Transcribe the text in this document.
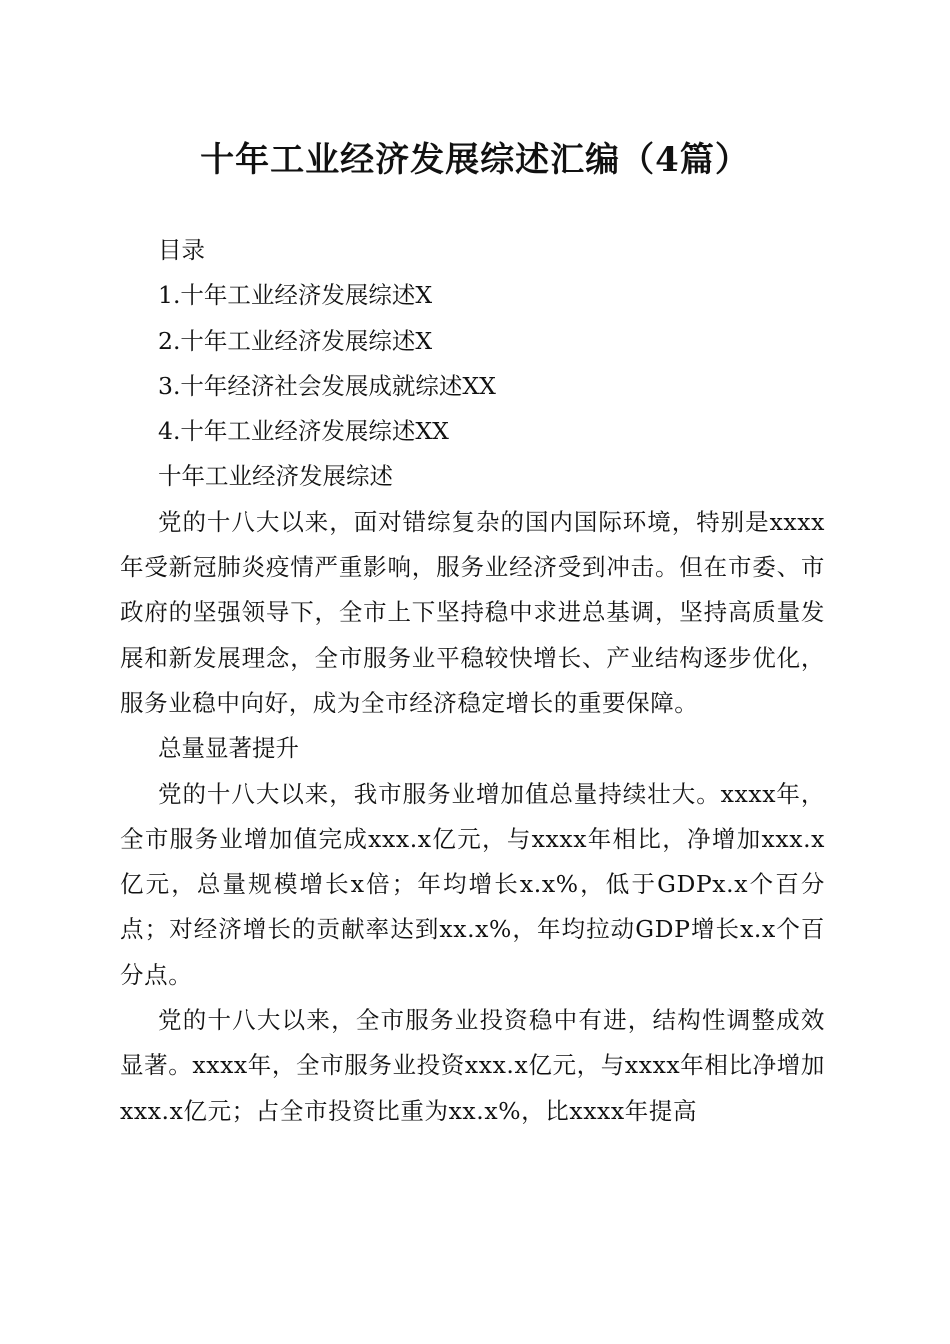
十年工业经济发展综述汇编（4篇）

目录

1.十年工业经济发展综述X

2.十年工业经济发展综述X

3.十年经济社会发展成就综述XX

4.十年工业经济发展综述XX

十年工业经济发展综述

党的十八大以来，面对错综复杂的国内国际环境，特别是xxxx年受新冠肺炎疫情严重影响，服务业经济受到冲击。但在市委、市政府的坚强领导下，全市上下坚持稳中求进总基调，坚持高质量发展和新发展理念，全市服务业平稳较快增长、产业结构逐步优化，服务业稳中向好，成为全市经济稳定增长的重要保障。

总量显著提升

党的十八大以来，我市服务业增加值总量持续壮大。xxxx年，全市服务业增加值完成xxx.x亿元，与xxxx年相比，净增加xxx.x亿元，总量规模增长x倍；年均增长x.x%，低于GDPx.x个百分点；对经济增长的贡献率达到xx.x%，年均拉动GDP增长x.x个百分点。

党的十八大以来，全市服务业投资稳中有进，结构性调整成效显著。xxxx年，全市服务业投资xxx.x亿元，与xxxx年相比净增加xxx.x亿元；占全市投资比重为xx.x%，比xxxx年提高
